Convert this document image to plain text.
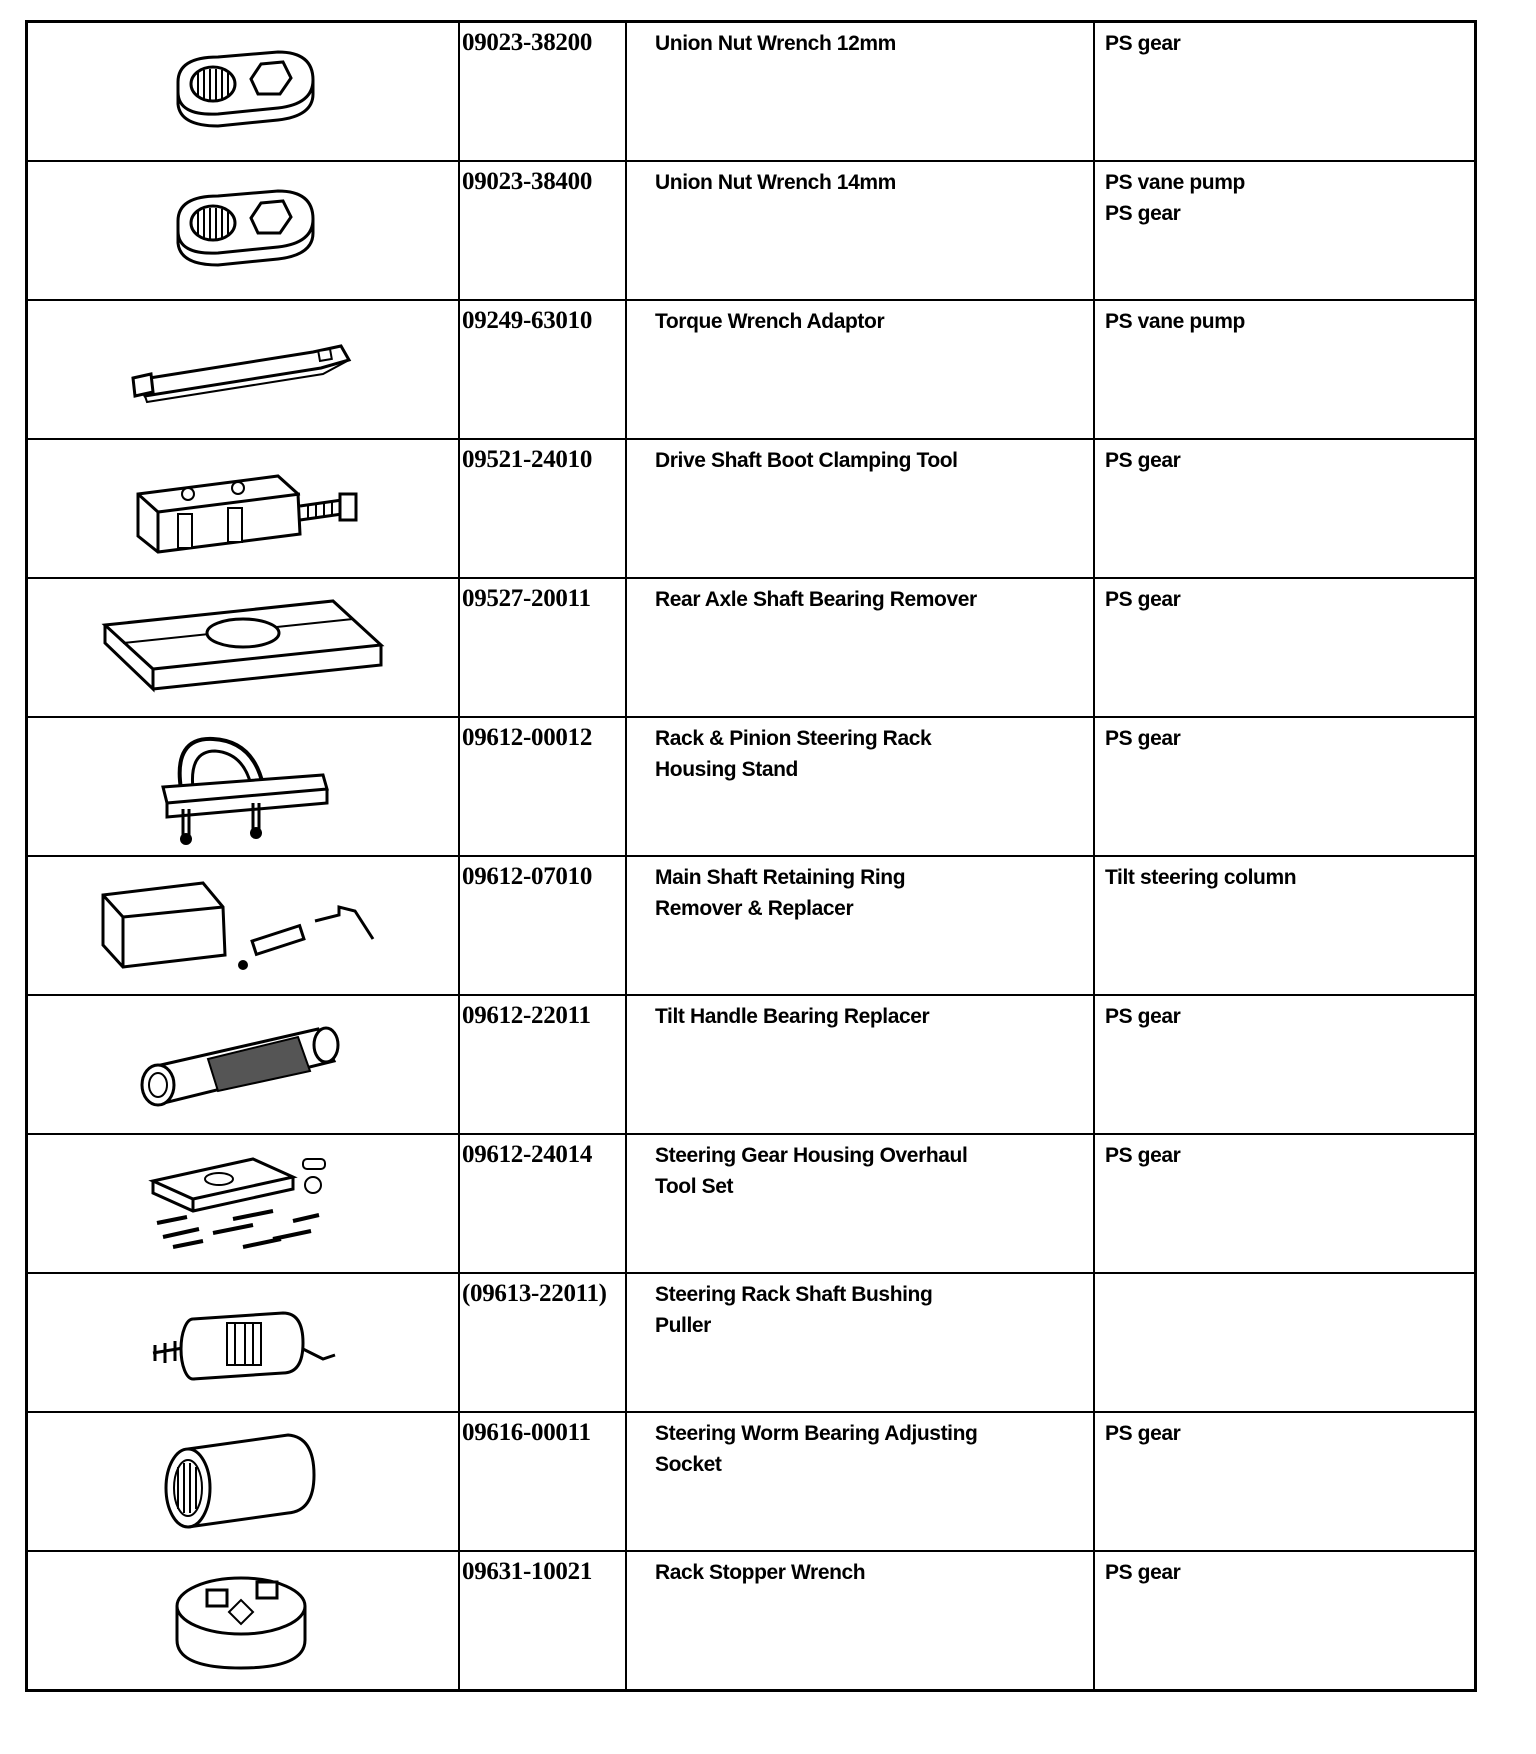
09023-38200	Union Nut Wrench 12mm	PS gear

09023-38400	Union Nut Wrench 14mm	PS vane pump
PS gear

09249-63010	Torque Wrench Adaptor	PS vane pump

09521-24010	Drive Shaft Boot Clamping Tool	PS gear

09527-20011	Rear Axle Shaft Bearing Remover	PS gear

09612-00012	Rack & Pinion Steering Rack
Housing Stand	PS gear

09612-07010	Main Shaft Retaining Ring
Remover & Replacer	Tilt steering column

09612-22011	Tilt Handle Bearing Replacer	PS gear

09612-24014	Steering Gear Housing Overhaul
Tool Set	PS gear

(09613-22011)	Steering Rack Shaft Bushing
Puller	

09616-00011	Steering Worm Bearing Adjusting
Socket	PS gear

09631-10021	Rack Stopper Wrench	PS gear
